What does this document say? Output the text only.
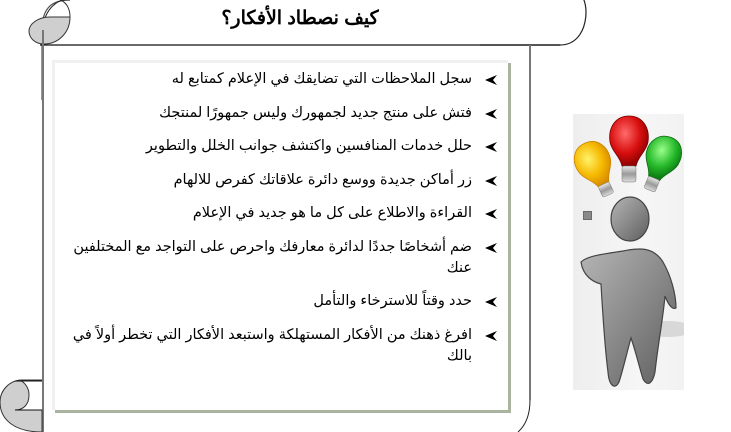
كيف نصطاد الأفكار؟
سجل الملاحظات التي تضايقك في الإعلام كمتابع له
فتش على منتج جديد لجمهورك وليس جمهورًا لمنتجك
حلل خدمات المنافسين واكتشف جوانب الخلل والتطوير
زر أماكن جديدة ووسع دائرة علاقاتك كفرص للالهام
القراءة والاطلاع على كل ما هو جديد في الإعلام
ضم أشخاصًا جددًا لدائرة معارفك واحرص على التواجد مع المختلفين عنك
حدد وقتاً للاسترخاء والتأمل
افرغ ذهنك من الأفكار المستهلكة واستبعد الأفكار التي تخطر أولاً في بالك
